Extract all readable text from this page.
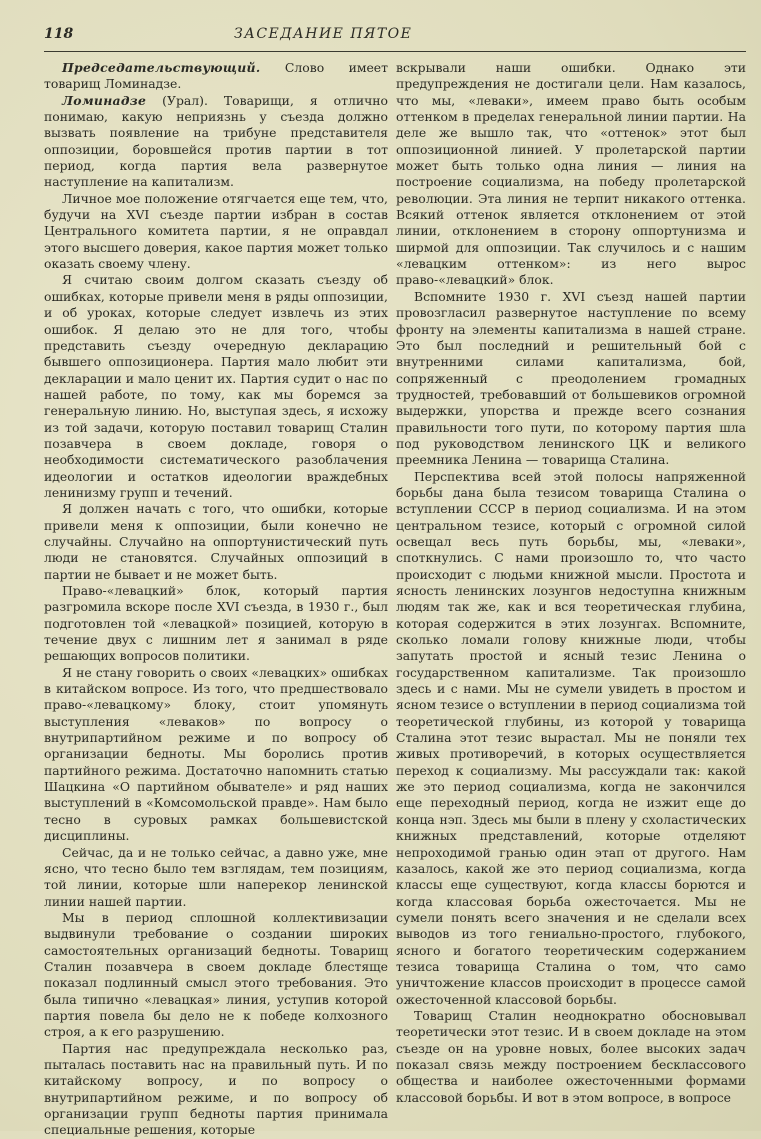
118	ЗАСЕДАНИЕ ПЯТОЕ

Председательствующий. Слово имеет товарищ Ломинадзе.

Ломинадзе (Урал). Товарищи, я отлично понимаю, какую неприязнь у съезда должно вызвать появление на трибуне представителя оппозиции, боровшейся против партии в тот период, когда партия вела развернутое наступление на капитализм.

Личное мое положение отягчается еще тем, что, будучи на XVI съезде партии избран в состав Центрального комитета партии, я не оправдал этого высшего доверия, какое партия может только оказать своему члену.

Я считаю своим долгом сказать съезду об ошибках, которые привели меня в ряды оппозиции, и об уроках, которые следует извлечь из этих ошибок. Я делаю это не для того, чтобы представить съезду очередную декларацию бывшего оппозиционера. Партия мало любит эти декларации и мало ценит их. Партия судит о нас по нашей работе, по тому, как мы боремся за генеральную линию. Но, выступая здесь, я исхожу из той задачи, которую поставил товарищ Сталин позавчера в своем докладе, говоря о необходимости систематического разоблачения идеологии и остатков идеологии враждебных ленинизму групп и течений.

Я должен начать с того, что ошибки, которые привели меня к оппозиции, были конечно не случайны. Случайно на оппортунистический путь люди не становятся. Случайных оппозиций в партии не бывает и не может быть.

Право-«левацкий» блок, который партия разгромила вскоре после XVI съезда, в 1930 г., был подготовлен той «левацкой» позицией, которую в течение двух с лишним лет я занимал в ряде решающих вопросов политики.

Я не стану говорить о своих «левацких» ошибках в китайском вопросе. Из того, что предшествовало право-«левацкому» блоку, стоит упомянуть выступления «леваков» по вопросу о внутрипартийном режиме и по вопросу об организации бедноты. Мы боролись против партийного режима. Достаточно напомнить статью Шацкина «О партийном обывателе» и ряд наших выступлений в «Комсомольской правде». Нам было тесно в суровых рамках большевистской дисциплины.

Сейчас, да и не только сейчас, а давно уже, мне ясно, что тесно было тем взглядам, тем позициям, той линии, которые шли наперекор ленинской линии нашей партии.

Мы в период сплошной коллективизации выдвинули требование о создании широких самостоятельных организаций бедноты. Товарищ Сталин позавчера в своем докладе блестяще показал подлинный смысл этого требования. Это была типично «левацкая» линия, уступив которой партия повела бы дело не к победе колхозного строя, а к его разрушению.

Партия нас предупреждала несколько раз, пыталась поставить нас на правильный путь. И по китайскому вопросу, и по вопросу о внутрипартийном режиме, и по вопросу об организации групп бедноты партия принимала специальные решения, которые

вскрывали наши ошибки. Однако эти предупреждения не достигали цели. Нам казалось, что мы, «леваки», имеем право быть особым оттенком в пределах генеральной линии партии. На деле же вышло так, что «оттенок» этот был оппозиционной линией. У пролетарской партии может быть только одна линия — линия на построение социализма, на победу пролетарской революции. Эта линия не терпит никакого оттенка. Всякий оттенок является отклонением от этой линии, отклонением в сторону оппортунизма и ширмой для оппозиции. Так случилось и с нашим «левацким оттенком»: из него вырос право-«левацкий» блок.

Вспомните 1930 г. XVI съезд нашей партии провозгласил развернутое наступление по всему фронту на элементы капитализма в нашей стране. Это был последний и решительный бой с внутренними силами капитализма, бой, сопряженный с преодолением громадных трудностей, требовавший от большевиков огромной выдержки, упорства и прежде всего сознания правильности того пути, по которому партия шла под руководством ленинского ЦК и великого преемника Ленина — товарища Сталина.

Перспектива всей этой полосы напряженной борьбы дана была тезисом товарища Сталина о вступлении СССР в период социализма. И на этом центральном тезисе, который с огромной силой освещал весь путь борьбы, мы, «леваки», споткнулись. С нами произошло то, что часто происходит с людьми книжной мысли. Простота и ясность ленинских лозунгов недоступна книжным людям так же, как и вся теоретическая глубина, которая содержится в этих лозунгах. Вспомните, сколько ломали голову книжные люди, чтобы запутать простой и ясный тезис Ленина о государственном капитализме. Так произошло здесь и с нами. Мы не сумели увидеть в простом и ясном тезисе о вступлении в период социализма той теоретической глубины, из которой у товарища Сталина этот тезис вырастал. Мы не поняли тех живых противоречий, в которых осуществляется переход к социализму. Мы рассуждали так: какой же это период социализма, когда не закончился еще переходный период, когда не изжит еще до конца нэп. Здесь мы были в плену у схоластических книжных представлений, которые отделяют непроходимой гранью один этап от другого. Нам казалось, какой же это период социализма, когда классы еще существуют, когда классы борются и когда классовая борьба ожесточается. Мы не сумели понять всего значения и не сделали всех выводов из того гениально-простого, глубокого, ясного и богатого теоретическим содержанием тезиса товарища Сталина о том, что само уничтожение классов происходит в процессе самой ожесточенной классовой борьбы.

Товарищ Сталин неоднократно обосновывал теоретически этот тезис. И в своем докладе на этом съезде он на уровне новых, более высоких задач показал связь между построением бесклассового общества и наиболее ожесточенными формами классовой борьбы. И вот в этом вопросе, в вопросе
